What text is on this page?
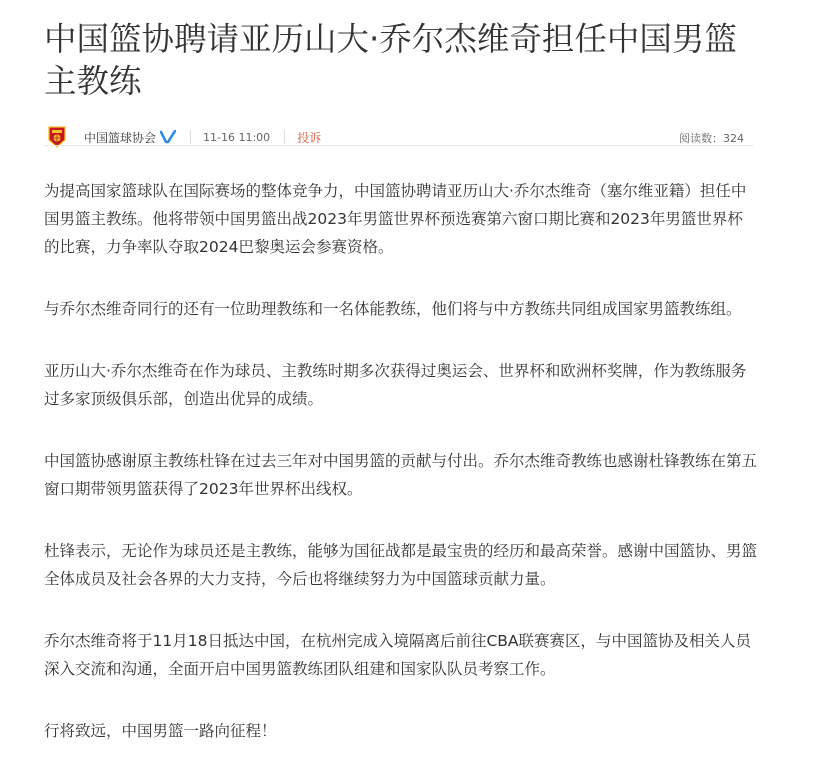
中国篮协聘请亚历山大·乔尔杰维奇担任中国男篮主教练
中国篮球协会	11-16 11:00 投诉	阅读数：324

为提高国家篮球队在国际赛场的整体竞争力，中国篮协聘请亚历山大·乔尔杰维奇（塞尔维亚籍）担任中国男篮主教练。他将带领中国男篮出战2023年男篮世界杯预选赛第六窗口期比赛和2023年男篮世界杯的比赛，力争率队夺取2024巴黎奥运会参赛资格。

与乔尔杰维奇同行的还有一位助理教练和一名体能教练，他们将与中方教练共同组成国家男篮教练组。

亚历山大·乔尔杰维奇在作为球员、主教练时期多次获得过奥运会、世界杯和欧洲杯奖牌，作为教练服务过多家顶级俱乐部，创造出优异的成绩。

中国篮协感谢原主教练杜锋在过去三年对中国男篮的贡献与付出。乔尔杰维奇教练也感谢杜锋教练在第五窗口期带领男篮获得了2023年世界杯出线权。

杜锋表示，无论作为球员还是主教练，能够为国征战都是最宝贵的经历和最高荣誉。感谢中国篮协、男篮全体成员及社会各界的大力支持，今后也将继续努力为中国篮球贡献力量。

乔尔杰维奇将于11月18日抵达中国，在杭州完成入境隔离后前往CBA联赛赛区，与中国篮协及相关人员深入交流和沟通，全面开启中国男篮教练团队组建和国家队队员考察工作。

行将致远，中国男篮一路向征程！
